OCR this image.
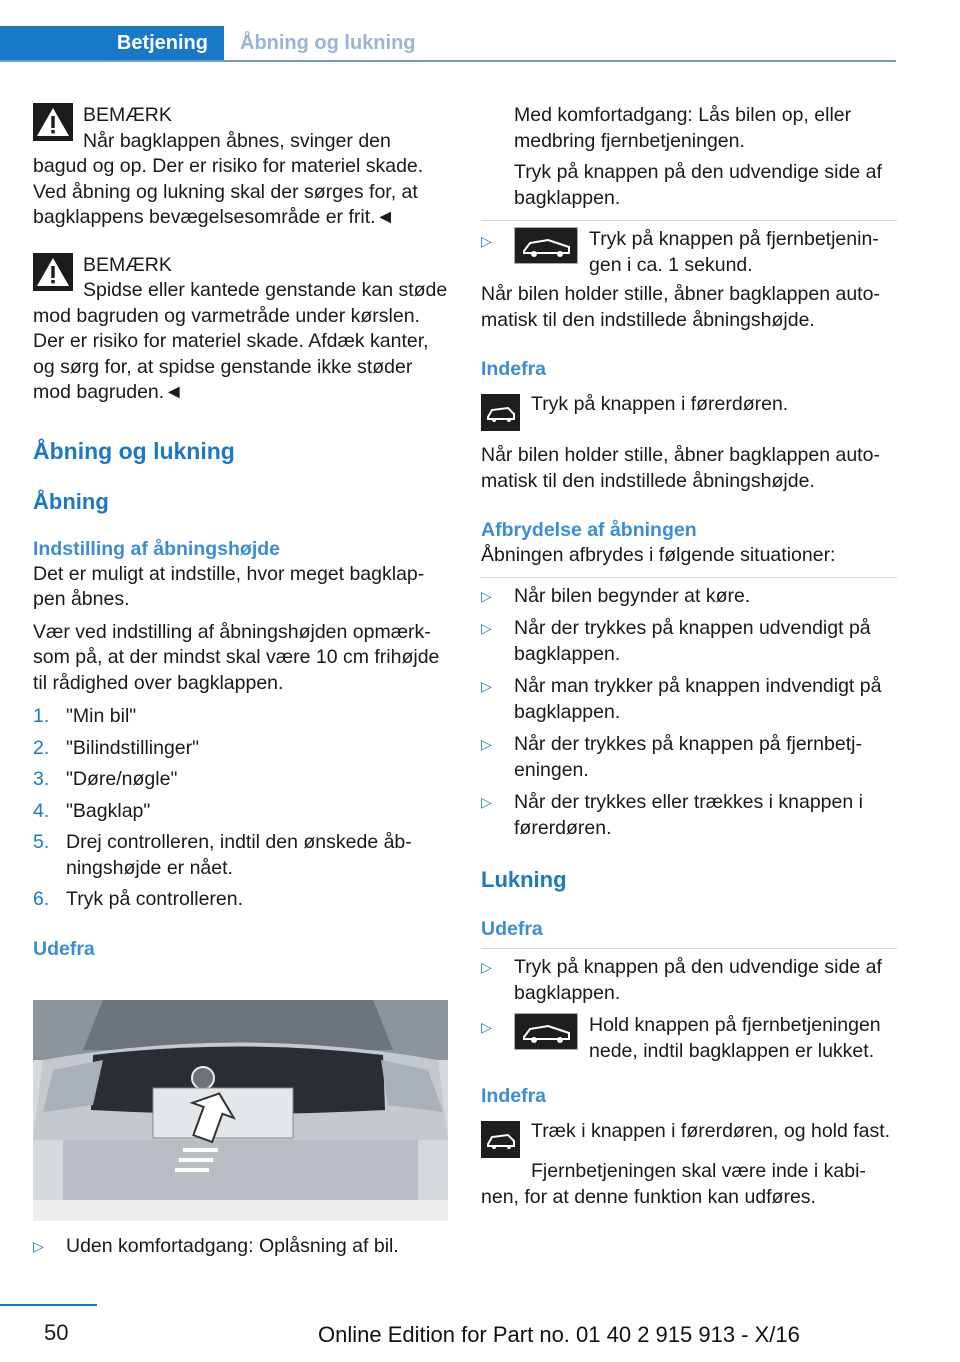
Betjening Åbning og lukning

BEMÆRK

Når bagklappen åbnes, svinger den bagud og op. Der er risiko for materiel skade. Ved åbning og lukning skal der sørges for, at bagklappens bevægelsesområde er frit.◄

BEMÆRK

Spidse eller kantede genstande kan støde mod bagruden og varmetråde under kørslen. Der er risiko for materiel skade. Afdæk kanter, og sørg for, at spidse genstande ikke støder mod bagruden.◄

Åbning og lukning
Åbning
Indstilling af åbningshøjde

Det er muligt at indstille, hvor meget bagklap-pen åbnes.

Vær ved indstilling af åbningshøjden opmærk-som på, at der mindst skal være 10 cm frihøjde til rådighed over bagklappen.

1. "Min bil"
2. "Bilindstillinger"
3. "Døre/nøgle"
4. "Bagklap"
5. Drej controlleren, indtil den ønskede åb-ningshøjde er nået.
6. Tryk på controlleren.
Udefra
▷ Uden komfortadgang: Oplåsning af bil.

Med komfortadgang: Lås bilen op, eller medbring fjernbetjeningen.

Tryk på knappen på den udvendige side af bagklappen.

▷	Tryk på knappen på fjernbetjenin-gen i ca. 1 sekund.

Når bilen holder stille, åbner bagklappen auto-matisk til den indstillede åbningshøjde.

Indefra
Tryk på knappen i førerdøren.

Når bilen holder stille, åbner bagklappen auto-matisk til den indstillede åbningshøjde.

Afbrydelse af åbningen

Åbningen afbrydes i følgende situationer:

▷ Når bilen begynder at køre.
▷ Når der trykkes på knappen udvendigt på bagklappen.
▷ Når man trykker på knappen indvendigt på bagklappen.
▷ Når der trykkes på knappen på fjernbetj-eningen.
▷ Når der trykkes eller trækkes i knappen i førerdøren.
Lukning
Udefra
▷ Tryk på knappen på den udvendige side af bagklappen.
▷	Hold knappen på fjernbetjeningen nede, indtil bagklappen er lukket.
Indefra
Træk i knappen i førerdøren, og hold fast.

Fjernbetjeningen skal være inde i kabi-nen, for at denne funktion kan udføres.

50	Online Edition for Part no. 01 40 2 915 913 - X/16
